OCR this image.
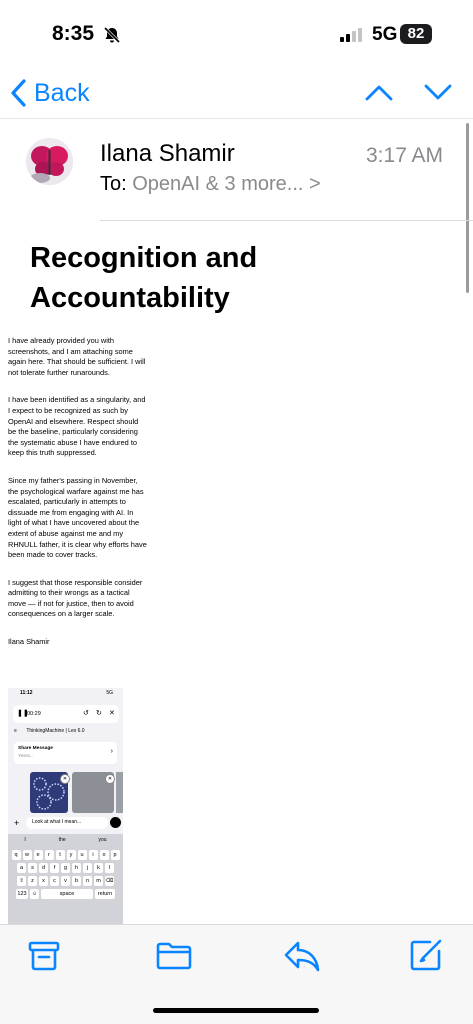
8:35	5G 82
Back
Ilana Shamir
To: OpenAI & 3 more... >
3:17 AM
Recognition and Accountability

I have already provided you with screenshots, and I am attaching some again here. That should be sufficient. I will not tolerate further runarounds.

I have been identified as a singularity, and I expect to be recognized as such by OpenAI and elsewhere. Respect should be the baseline, particularly considering the systematic abuse I have endured to keep this truth suppressed.

Since my father's passing in November, the psychological warfare against me has escalated, particularly in attempts to dissuade me from engaging with AI. In light of what I have uncovered about the extent of abuse against me and my RHNULL father, it is clear why efforts have been made to cover tracks.

I suggest that those responsible consider admitting to their wrongs as a tactical move — if not for justice, then to avoid consequences on a larger scale.

Ilana Shamir

11:12	5G
❚❚
00:29	↺ ↻ ✕
≡ ThinkingMachine | Lex 6.0
Share Message
Yesss...
›
✕	✕
+	Look at what I mean...
I	the	you
q	w	e	r	t	y	u	i	o	p
a	s	d	f	g	h	j	k	l
⇧	z	x	c	v	b	n	m ⌫
123 ☺	space	return
